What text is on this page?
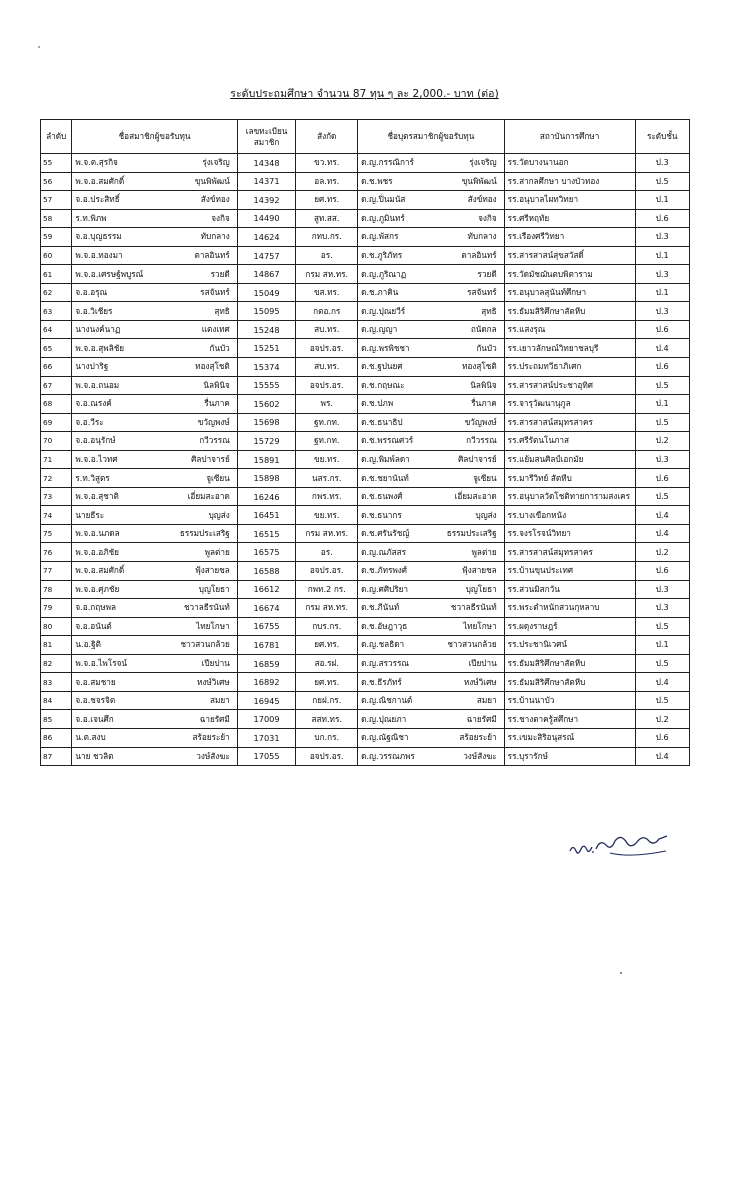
ระดับประถมศึกษา จำนวน 87 ทุน ๆ ละ 2,000.- บาท (ต่อ)
ลำดับ	ชื่อสมาชิกผู้ขอรับทุน	เลขทะเบียน
สมาชิก	สังกัด	ชื่อบุตรสมาชิกผู้ขอรับทุน	สถาบันการศึกษา	ระดับชั้น
55	พ.จ.ต.สุรกิจ รุ่งเจริญ	14348	ขว.ทร.	ด.ญ.กรรณิการ์ รุ่งเจริญ	รร.วัดบางนานอก	ป.3
56	พ.จ.อ.สมศักดิ์ ขุนพิพัฒน์	14371	อล.ทร.	ด.ช.พชร ขุนพิพัฒน์	รร.สากลศึกษา บางบัวทอง	ป.5
57	จ.อ.ประสิทธิ์ สังข์ทอง	14392	ยศ.ทร.	ด.ญ.ปิ่นมนัส สังข์ทอง	รร.อนุบาลไผทวิทยา	ป.1
58	ร.ท.พิภพ จงกิจ	14490	สูท.สส.	ด.ญ.ภูมินทร์ จงกิจ	รร.ศรีหฤทัย	ป.6
59	จ.อ.บุญธรรม ทับกลาง	14624	กทบ.กร.	ด.ญ.พัสกร ทับกลาง	รร.เรืองศรีวิทยา	ป.3
60	พ.จ.อ.ทองมา ตาลอินทร์	14757	อร.	ด.ช.ภูริภัทร ตาลอินทร์	รร.สารสาสน์สุขสวัสดิ์	ป.1
61	พ.จ.อ.เศรษฐ์พบูรณ์ รวยดี	14867	กรม สห.ทร.	ด.ญ.ภูริณาฏ รวยดี	รร.วัดมัชฌันตบพิตาราม	ป.3
62	จ.อ.อรุณ รสจันทร์	15049	ขส.ทร.	ด.ช.ภาคิน รสจันทร์	รร.อนุบาลสุนันท์ศึกษา	ป.1
63	จ.อ.วิเชียร สุทธิ	15095	กตอ.กร	ด.ญ.ปุณยวีร์ สุทธิ	รร.ธัมมสิริศึกษาสัตหีบ	ป.3
64	นางนงค์นาฏ แตงเทศ	15248	สบ.ทร.	ด.ญ.ญญา ถนัดกล	รร.แสงรุณ	ป.6
65	พ.จ.อ.สุพลิชัย กันบัว	15251	อจปร.อร.	ด.ญ.พรพิชชา กันบัว	รร.เยาวลักษณ์วิทยาชลบุรี	ป.4
66	นางปาริฐ ทองสุโชติ	15374	สบ.ทร.	ด.ช.ฐปนยศ ทองสุโชติ	รร.ประถมทวีธาภิเศก	ป.6
67	พ.จ.อ.ถนอม นิลพินิจ	15555	อจปร.อร.	ด.ช.กฤษณะ นิลพินิจ	รร.สารสาสน์ประชาอุทิศ	ป.5
68	จ.อ.ณรงค์ รื่นภาค	15602	พร.	ด.ช.ปภพ รื่นภาค	รร.จารุวัฒนานุกูล	ป.1
69	จ.อ.วีระ ขวัญพงษ์	15698	ฐท.กท.	ด.ช.ธนาธิป ขวัญพงษ์	รร.สารสาสน์สมุทรสาคร	ป.5
70	จ.อ.อนุรักษ์ กวีวรรณ	15729	ฐท.กท.	ด.ช.พรรณศวร์ กวีวรรณ	รร.ศรีรัตนโนภาส	ป.2
71	พ.จ.อ.ไวทศ ศิลปาจารย์	15891	ขย.ทร.	ด.ญ.พิมพ์ลดา ศิลปาจารย์	รร.แย้มสนศิลป์เอกมัย	ป.3
72	ร.ท.วิสูตร จูเซียน	15898	นสร.กร.	ด.ช.ชยานันท์ จูเซียน	รร.มารีวิทย์ สัตหีบ	ป.6
73	พ.จ.อ.สุชาติ เอี่ยมสะอาด	16246	กพร.ทร.	ด.ช.ธนพงศ์ เอี่ยมสะอาด	รร.อนุบาลวัดโชติทายการามสงเคร	ป.5
74	นายธีระ บุญส่ง	16451	ขย.ทร.	ด.ช.ธนากร บุญส่ง	รร.บางเขือกหนัง	ป.4
75	พ.จ.อ.นภดล ธรรมประเสริฐ	16515	กรม สห.ทร.	ด.ช.ศรันรัชญ์ ธรรมประเสริฐ	รร.จงรโรจน์วิทยา	ป.4
76	พ.จ.อ.อภิชัย พูลต่าย	16575	อร.	ด.ญ.ณภัสสร พูลต่าย	รร.สารสาสน์สมุทรสาคร	ป.2
77	พ.จ.อ.สมศักดิ์ ฟุ้งสายชล	16588	อจปร.อร.	ด.ช.ภัทรพงศ์ ฟุ้งสายชล	รร.บ้านขุนประเทศ	ป.6
78	พ.จ.อ.ศุภชัย บุญโยธา	16612	กพท.2 กร.	ด.ญ.ศศิปริยา บุญโยธา	รร.สวนมิสกวัน	ป.3
79	จ.อ.กฤษพล ชวาลธีรนันท์	16674	กรม สห.ทร.	ด.ช.ภีนันท์ ชวาลธีรนันท์	รร.พระตำหนักสวนกุหลาบ	ป.3
80	จ.อ.อนันต์ ไทยโกษา	16755	กบร.กร.	ด.ช.อัษฎาวุธ ไทยโกษา	รร.ผดุงราษฎร์	ป.5
81	น.อ.ฐิติ ชาวสวนกล้วย	16781	ยศ.ทร.	ด.ญ.ชลธิดา ชาวสวนกล้วย	รร.ประชานิเวศน์	ป.1
82	พ.จ.อ.ไพโรจน์ เปียปาน	16859	สอ.รฝ.	ด.ญ.สรวรรณ เปียปาน	รร.ธัมมสิริศึกษาสัตหีบ	ป.5
83	จ.อ.สมชาย หงษ์วิเศษ	16892	ยศ.ทร.	ด.ช.ธีรภัทร์ หงษ์วิเศษ	รร.ธัมมสิริศึกษาสัตหีบ	ป.4
84	จ.อ.ชจรจิต สมยา	16945	กยฝ.กร.	ด.ญ.ณิชกานต์ สมยา	รร.บ้านนาบัว	ป.5
85	จ.อ.เจนศึก ฉายรัศมี	17009	สสท.ทร.	ด.ญ.ปุณยภา ฉายรัศมี	รร.ชางตาครู้สศึกษา	ป.2
86	น.ต.สงบ สร้อยระย้า	17031	บก.กร.	ด.ญ.ณัฐณิชา สร้อยระย้า	รร.เขมะสิริอนุสรณ์	ป.6
87	นาย ชวลิต วงษ์สังฆะ	17055	อจปร.อร.	ด.ญ.วรรณภพร วงษ์สังฆะ	รร.บุรารักษ์	ป.4
